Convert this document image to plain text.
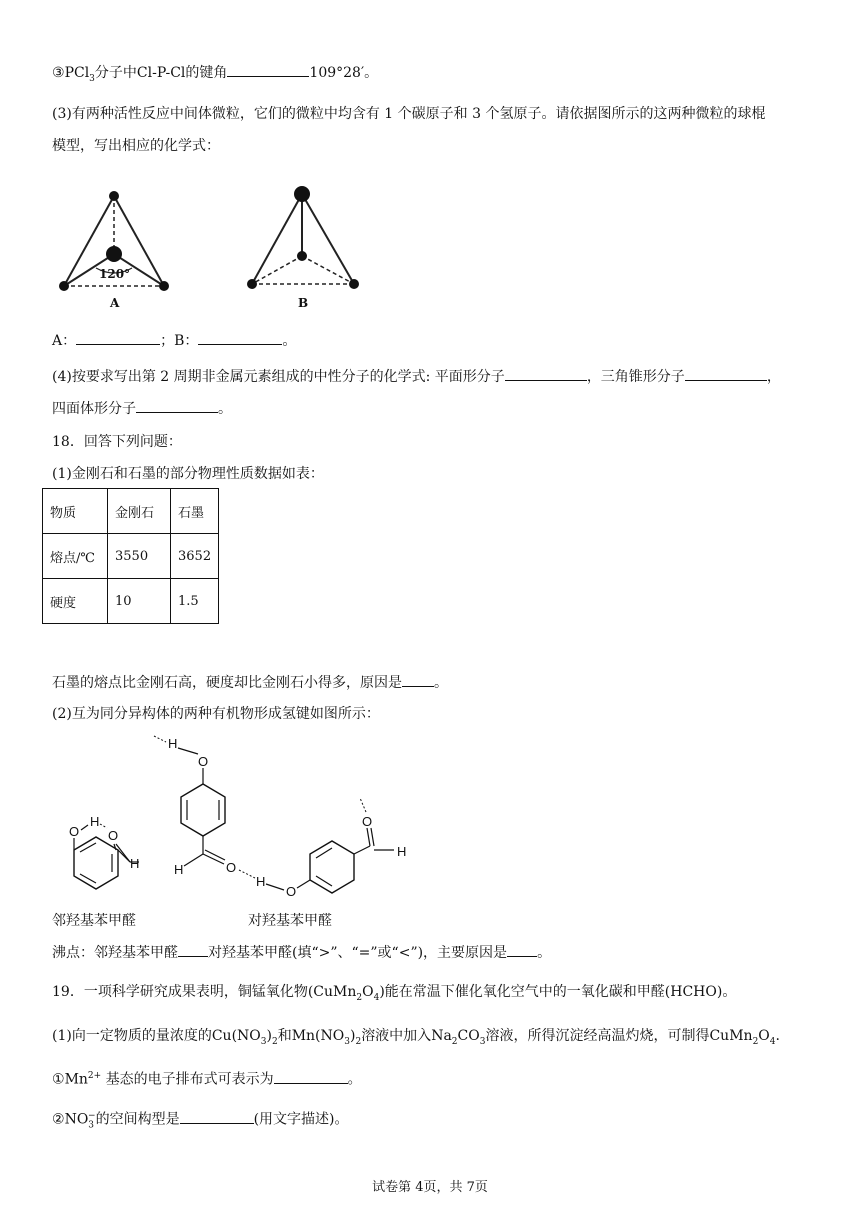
③PCl$_3$分子中Cl-P-Cl的键角	109°28′。
(3)有两种活性反应中间体微粒，它们的微粒中均含有 1 个碳原子和 3 个氢原子。请依据图所示的这两种微粒的球棍
模型，写出相应的化学式：
120°
A	B
A：	；B：	。
(4)按要求写出第 2 周期非金属元素组成的中性分子的化学式: 平面形分子	，三角锥形分子	，
四面体形分子	。
18．回答下列问题：
(1)金刚石和石墨的部分物理性质数据如表：
物质	金刚石	石墨
熔点/℃	3550	3652
硬度	10	1.5
石墨的熔点比金刚石高，硬度却比金刚石小得多，原因是 。
(2)互为同分异构体的两种有机物形成氢键如图所示：
O
H
O
H
H
O
H	O
H
O
O
H
邻羟基苯甲醛	对羟基苯甲醛
沸点：邻羟基苯甲醛 对羟基苯甲醛(填“>”、“=”或“<”)，主要原因是 。
19．一项科学研究成果表明，铜锰氧化物$(CuMn_2O_4)$能在常温下催化氧化空气中的一氧化碳和甲醛(HCHO)。
(1)向一定物质的量浓度的$Cu(NO_3)_2$和$Mn(NO_3)_2$溶液中加入$Na_2CO_3$溶液，所得沉淀经高温灼烧，可制得$CuMn_2O_4$.
$①Mn^{2+}$ 基态的电子排布式可表示为	。
$②NO_3^-$的空间构型是	(用文字描述)。
试卷第 4页，共 7页
